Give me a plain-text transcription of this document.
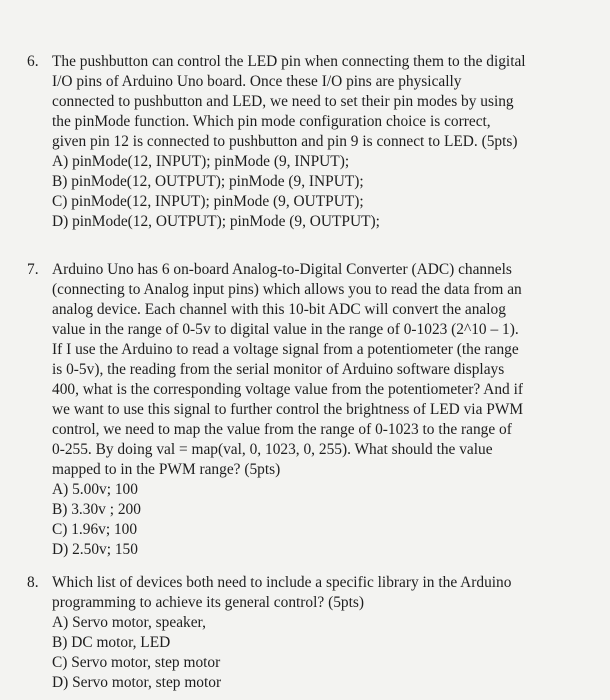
6. The pushbutton can control the LED pin when connecting them to the digital
I/O pins of Arduino Uno board. Once these I/O pins are physically
connected to pushbutton and LED, we need to set their pin modes by using
the pinMode function. Which pin mode configuration choice is correct,
given pin 12 is connected to pushbutton and pin 9 is connect to LED. (5pts)
A) pinMode(12, INPUT); pinMode (9, INPUT);
B) pinMode(12, OUTPUT); pinMode (9, INPUT);
C) pinMode(12, INPUT); pinMode (9, OUTPUT);
D) pinMode(12, OUTPUT); pinMode (9, OUTPUT);
7. Arduino Uno has 6 on-board Analog-to-Digital Converter (ADC) channels
(connecting to Analog input pins) which allows you to read the data from an
analog device. Each channel with this 10-bit ADC will convert the analog
value in the range of 0-5v to digital value in the range of 0-1023 (2^10 – 1).
If I use the Arduino to read a voltage signal from a potentiometer (the range
is 0-5v), the reading from the serial monitor of Arduino software displays
400, what is the corresponding voltage value from the potentiometer? And if
we want to use this signal to further control the brightness of LED via PWM
control, we need to map the value from the range of 0-1023 to the range of
0-255. By doing val = map(val, 0, 1023, 0, 255). What should the value
mapped to in the PWM range? (5pts)
A) 5.00v; 100
B) 3.30v ; 200
C) 1.96v; 100
D) 2.50v; 150
8. Which list of devices both need to include a specific library in the Arduino
programming to achieve its general control? (5pts)
A) Servo motor, speaker,
B) DC motor, LED
C) Servo motor, step motor
D) Servo motor, step motor
